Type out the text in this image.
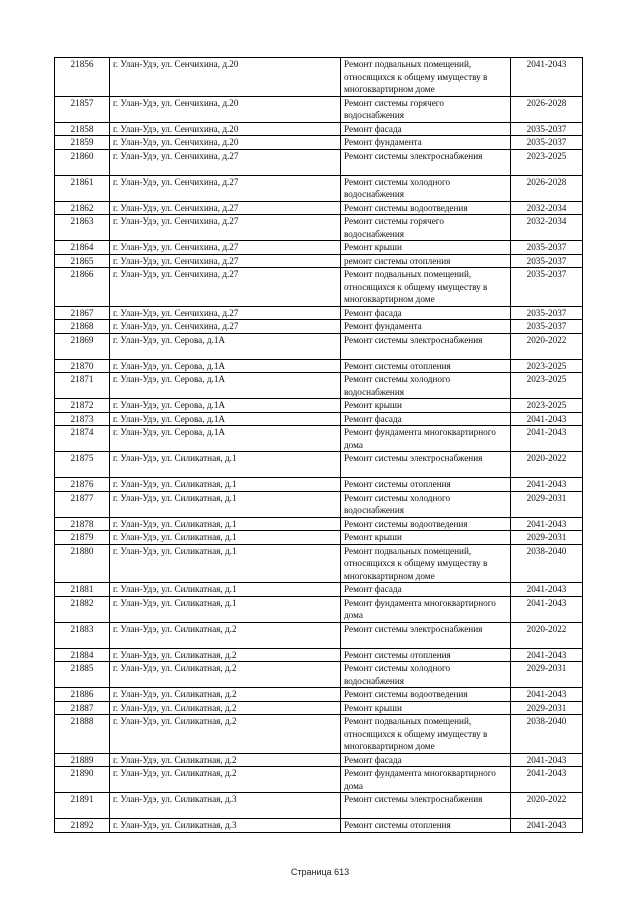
21856	г. Улан-Удэ, ул. Сенчихина, д.20	Ремонт подвальных помещений,
относящихся к общему имуществу в
многоквартирном доме	2041-2043
21857	г. Улан-Удэ, ул. Сенчихина, д.20	Ремонт системы горячего
водоснабжения	2026-2028
21858	г. Улан-Удэ, ул. Сенчихина, д.20	Ремонт фасада	2035-2037
21859	г. Улан-Удэ, ул. Сенчихина, д.20	Ремонт фундамента	2035-2037
21860	г. Улан-Удэ, ул. Сенчихина, д.27	Ремонт системы электроснабжения	2023-2025
21861	г. Улан-Удэ, ул. Сенчихина, д.27	Ремонт системы холодного
водоснабжения	2026-2028
21862	г. Улан-Удэ, ул. Сенчихина, д.27	Ремонт системы водоотведения	2032-2034
21863	г. Улан-Удэ, ул. Сенчихина, д.27	Ремонт системы горячего
водоснабжения	2032-2034
21864	г. Улан-Удэ, ул. Сенчихина, д.27	Ремонт крыши	2035-2037
21865	г. Улан-Удэ, ул. Сенчихина, д.27	ремонт системы отопления	2035-2037
21866	г. Улан-Удэ, ул. Сенчихина, д.27	Ремонт подвальных помещений,
относящихся к общему имуществу в
многоквартирном доме	2035-2037
21867	г. Улан-Удэ, ул. Сенчихина, д.27	Ремонт фасада	2035-2037
21868	г. Улан-Удэ, ул. Сенчихина, д.27	Ремонт фундамента	2035-2037
21869	г. Улан-Удэ, ул. Серова, д.1А	Ремонт системы электроснабжения	2020-2022
21870	г. Улан-Удэ, ул. Серова, д.1А	Ремонт системы отопления	2023-2025
21871	г. Улан-Удэ, ул. Серова, д.1А	Ремонт системы холодного
водоснабжения	2023-2025
21872	г. Улан-Удэ, ул. Серова, д.1А	Ремонт крыши	2023-2025
21873	г. Улан-Удэ, ул. Серова, д.1А	Ремонт фасада	2041-2043
21874	г. Улан-Удэ, ул. Серова, д.1А	Ремонт фундамента многоквартирного
дома	2041-2043
21875	г. Улан-Удэ, ул. Силикатная, д.1	Ремонт системы электроснабжения	2020-2022
21876	г. Улан-Удэ, ул. Силикатная, д.1	Ремонт системы отопления	2041-2043
21877	г. Улан-Удэ, ул. Силикатная, д.1	Ремонт системы холодного
водоснабжения	2029-2031
21878	г. Улан-Удэ, ул. Силикатная, д.1	Ремонт системы водоотведения	2041-2043
21879	г. Улан-Удэ, ул. Силикатная, д.1	Ремонт крыши	2029-2031
21880	г. Улан-Удэ, ул. Силикатная, д.1	Ремонт подвальных помещений,
относящихся к общему имуществу в
многоквартирном доме	2038-2040
21881	г. Улан-Удэ, ул. Силикатная, д.1	Ремонт фасада	2041-2043
21882	г. Улан-Удэ, ул. Силикатная, д.1	Ремонт фундамента многоквартирного
дома	2041-2043
21883	г. Улан-Удэ, ул. Силикатная, д.2	Ремонт системы электроснабжения	2020-2022
21884	г. Улан-Удэ, ул. Силикатная, д.2	Ремонт системы отопления	2041-2043
21885	г. Улан-Удэ, ул. Силикатная, д.2	Ремонт системы холодного
водоснабжения	2029-2031
21886	г. Улан-Удэ, ул. Силикатная, д.2	Ремонт системы водоотведения	2041-2043
21887	г. Улан-Удэ, ул. Силикатная, д.2	Ремонт крыши	2029-2031
21888	г. Улан-Удэ, ул. Силикатная, д.2	Ремонт подвальных помещений,
относящихся к общему имуществу в
многоквартирном доме	2038-2040
21889	г. Улан-Удэ, ул. Силикатная, д.2	Ремонт фасада	2041-2043
21890	г. Улан-Удэ, ул. Силикатная, д.2	Ремонт фундамента многоквартирного
дома	2041-2043
21891	г. Улан-Удэ, ул. Силикатная, д.3	Ремонт системы электроснабжения	2020-2022
21892	г. Улан-Удэ, ул. Силикатная, д.3	Ремонт системы отопления	2041-2043
Страница 613
